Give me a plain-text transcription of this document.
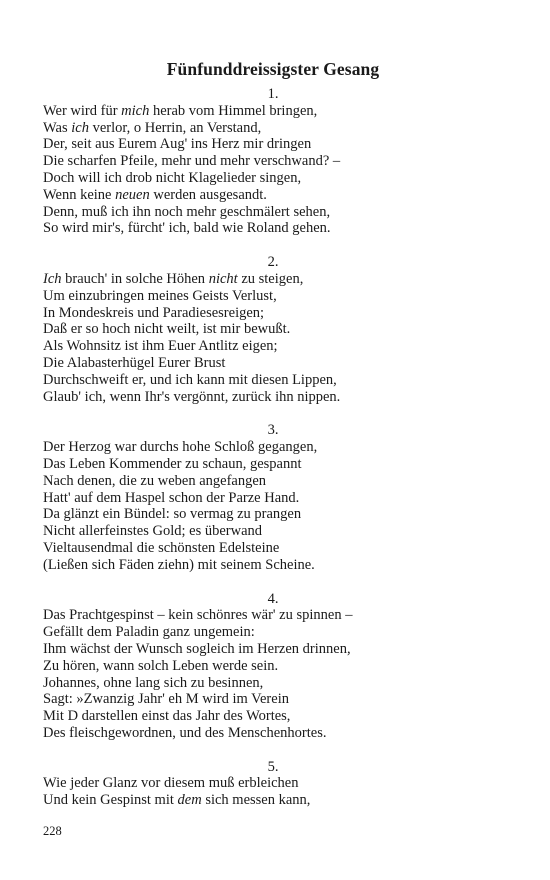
Fünfunddreissigster Gesang
1.
Wer wird für mich herab vom Himmel bringen,
Was ich verlor, o Herrin, an Verstand,
Der, seit aus Eurem Aug' ins Herz mir dringen
Die scharfen Pfeile, mehr und mehr verschwand? –
Doch will ich drob nicht Klagelieder singen,
Wenn keine neuen werden ausgesandt.
Denn, muß ich ihn noch mehr geschmälert sehen,
So wird mir's, fürcht' ich, bald wie Roland gehen.
2.
Ich brauch' in solche Höhen nicht zu steigen,
Um einzubringen meines Geists Verlust,
In Mondeskreis und Paradiesesreigen;
Daß er so hoch nicht weilt, ist mir bewußt.
Als Wohnsitz ist ihm Euer Antlitz eigen;
Die Alabasterhügel Eurer Brust
Durchschweift er, und ich kann mit diesen Lippen,
Glaub' ich, wenn Ihr's vergönnt, zurück ihn nippen.
3.
Der Herzog war durchs hohe Schloß gegangen,
Das Leben Kommender zu schaun, gespannt
Nach denen, die zu weben angefangen
Hatt' auf dem Haspel schon der Parze Hand.
Da glänzt ein Bündel: so vermag zu prangen
Nicht allerfeinstes Gold; es überwand
Vieltausendmal die schönsten Edelsteine
(Ließen sich Fäden ziehn) mit seinem Scheine.
4.
Das Prachtgespinst – kein schönres wär' zu spinnen –
Gefällt dem Paladin ganz ungemein:
Ihm wächst der Wunsch sogleich im Herzen drinnen,
Zu hören, wann solch Leben werde sein.
Johannes, ohne lang sich zu besinnen,
Sagt: »Zwanzig Jahr' eh M wird im Verein
Mit D darstellen einst das Jahr des Wortes,
Des fleischgewordnen, und des Menschenhortes.
5.
Wie jeder Glanz vor diesem muß erbleichen
Und kein Gespinst mit dem sich messen kann,
228
